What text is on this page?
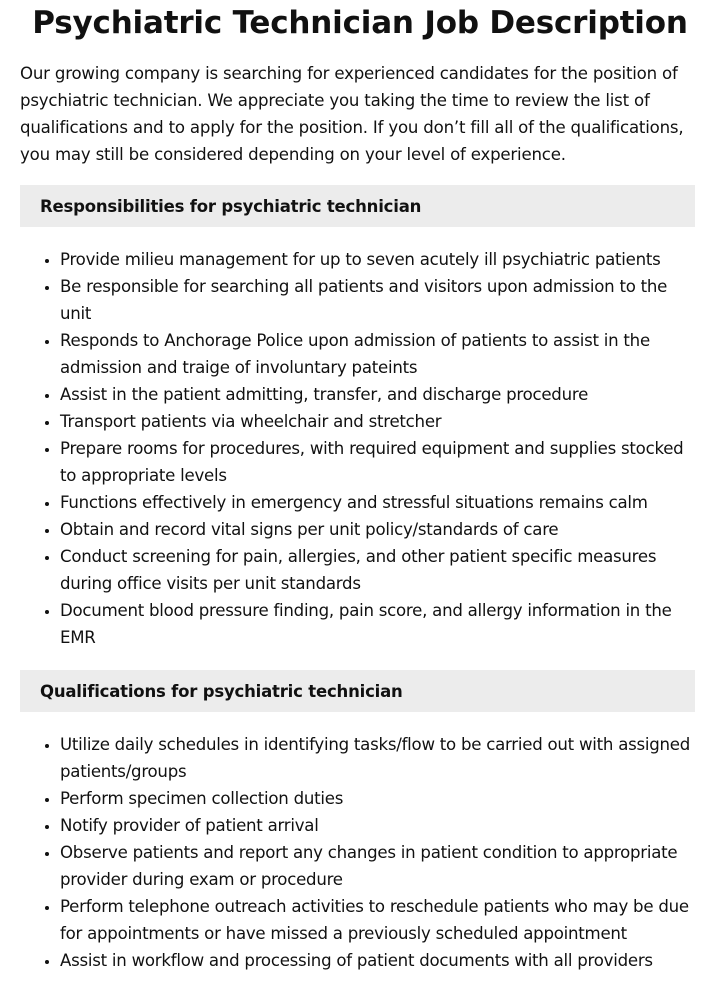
Psychiatric Technician Job Description

Our growing company is searching for experienced candidates for the position of psychiatric technician. We appreciate you taking the time to review the list of qualifications and to apply for the position. If you don’t fill all of the qualifications, you may still be considered depending on your level of experience.

Responsibilities for psychiatric technician
• Provide milieu management for up to seven acutely ill psychiatric patients
• Be responsible for searching all patients and visitors upon admission to the unit
• Responds to Anchorage Police upon admission of patients to assist in the admission and traige of involuntary pateints
• Assist in the patient admitting, transfer, and discharge procedure
• Transport patients via wheelchair and stretcher
• Prepare rooms for procedures, with required equipment and supplies stocked to appropriate levels
• Functions effectively in emergency and stressful situations remains calm
• Obtain and record vital signs per unit policy/standards of care
• Conduct screening for pain, allergies, and other patient specific measures during office visits per unit standards
• Document blood pressure finding, pain score, and allergy information in the EMR
Qualifications for psychiatric technician
• Utilize daily schedules in identifying tasks/flow to be carried out with assigned patients/groups
• Perform specimen collection duties
• Notify provider of patient arrival
• Observe patients and report any changes in patient condition to appropriate provider during exam or procedure
• Perform telephone outreach activities to reschedule patients who may be due for appointments or have missed a previously scheduled appointment
• Assist in workflow and processing of patient documents with all providers
